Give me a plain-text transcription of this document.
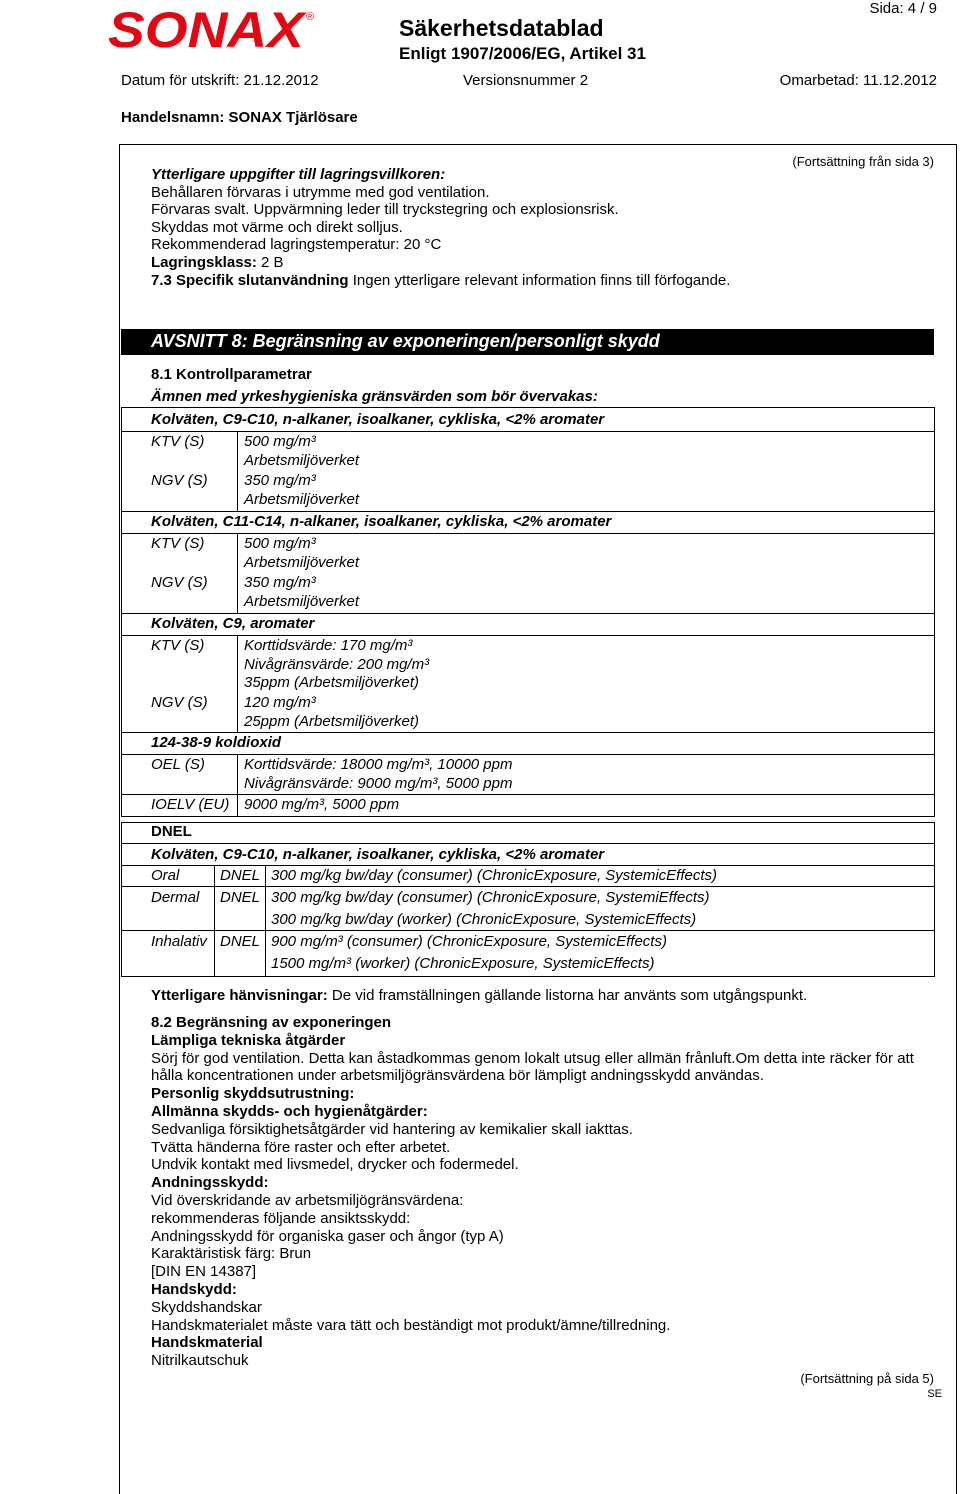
SONAX ®	Säkerhetsdatablad
Enligt 1907/2006/EG, Artikel 31
Sida: 4 / 9
Datum för utskrift: 21.12.2012	Versionsnummer 2	Omarbetad: 11.12.2012
Handelsnamn: SONAX Tjärlösare
(Fortsättning från sida 3)
Ytterligare uppgifter till lagringsvillkoren:
Behållaren förvaras i utrymme med god ventilation.
Förvaras svalt. Uppvärmning leder till tryckstegring och explosionsrisk.
Skyddas mot värme och direkt solljus.
Rekommenderad lagringstemperatur: 20 °C
Lagringsklass: 2 B
7.3 Specifik slutanvändning Ingen ytterligare relevant information finns till förfogande.
AVSNITT 8: Begränsning av exponeringen/personligt skydd
8.1 Kontrollparametrar
Ämnen med yrkeshygieniska gränsvärden som bör övervakas:
Kolväten, C9-C10, n-alkaner, isoalkaner, cykliska, <2% aromater
KTV (S)	500 mg/m³
Arbetsmiljöverket
NGV (S) 350 mg/m³
Arbetsmiljöverket
Kolväten, C11-C14, n-alkaner, isoalkaner, cykliska, <2% aromater
KTV (S)	500 mg/m³
Arbetsmiljöverket
NGV (S) 350 mg/m³
Arbetsmiljöverket
Kolväten, C9, aromater
KTV (S)	Korttidsvärde: 170 mg/m³
Nivågränsvärde: 200 mg/m³
35ppm (Arbetsmiljöverket)
NGV (S) 120 mg/m³
25ppm (Arbetsmiljöverket)
124-38-9 koldioxid
OEL (S)	Korttidsvärde: 18000 mg/m³, 10000 ppm
Nivågränsvärde: 9000 mg/m³, 5000 ppm
IOELV (EU) 9000 mg/m³, 5000 ppm
DNEL
Kolväten, C9-C10, n-alkaner, isoalkaner, cykliska, <2% aromater
Oral	DNEL 300 mg/kg bw/day (consumer) (ChronicExposure, SystemicEffects)
Dermal DNEL 300 mg/kg bw/day (consumer) (ChronicExposure, SystemiEffects)
300 mg/kg bw/day (worker) (ChronicExposure, SystemicEffects)
Inhalativ DNEL 900 mg/m³ (consumer) (ChronicExposure, SystemicEffects)
1500 mg/m³ (worker) (ChronicExposure, SystemicEffects)
Ytterligare hänvisningar: De vid framställningen gällande listorna har använts som utgångspunkt.
8.2 Begränsning av exponeringen
Lämpliga tekniska åtgärder
Sörj för god ventilation. Detta kan åstadkommas genom lokalt utsug eller allmän frånluft.Om detta inte räcker för att hålla koncentrationen under arbetsmiljögränsvärdena bör lämpligt andningsskydd användas.
Personlig skyddsutrustning:
Allmänna skydds- och hygienåtgärder:
Sedvanliga försiktighetsåtgärder vid hantering av kemikalier skall iakttas.
Tvätta händerna före raster och efter arbetet.
Undvik kontakt med livsmedel, drycker och fodermedel.
Andningsskydd:
Vid överskridande av arbetsmiljögränsvärdena:
rekommenderas följande ansiktsskydd:
Andningsskydd för organiska gaser och ångor (typ A)
Karaktäristisk färg: Brun
[DIN EN 14387]
Handskydd:
Skyddshandskar
Handskmaterialet måste vara tätt och beständigt mot produkt/ämne/tillredning.
Handskmaterial
Nitrilkautschuk
(Fortsättning på sida 5)
SE
